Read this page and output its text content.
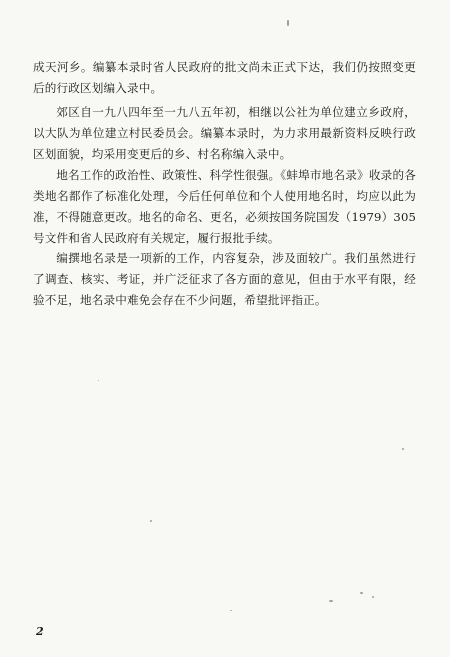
成天河乡。编纂本录时省人民政府的批文尚未正式下达，我们仍按照变更后的行政区划编入录中。

郊区自一九八四年至一九八五年初，相继以公社为单位建立乡政府，以大队为单位建立村民委员会。编纂本录时，为力求用最新资料反映行政区划面貌，均采用变更后的乡、村名称编入录中。

地名工作的政治性、政策性、科学性很强。《蚌埠市地名录》收录的各类地名都作了标准化处理，今后任何单位和个人使用地名时，均应以此为准，不得随意更改。地名的命名、更名，必须按国务院国发（1979）305号文件和省人民政府有关规定，履行报批手续。

编撰地名录是一项新的工作，内容复杂，涉及面较广。我们虽然进行了调查、核实、考证，并广泛征求了各方面的意见，但由于水平有限，经验不足，地名录中难免会存在不少问题，希望批评指正。

2
